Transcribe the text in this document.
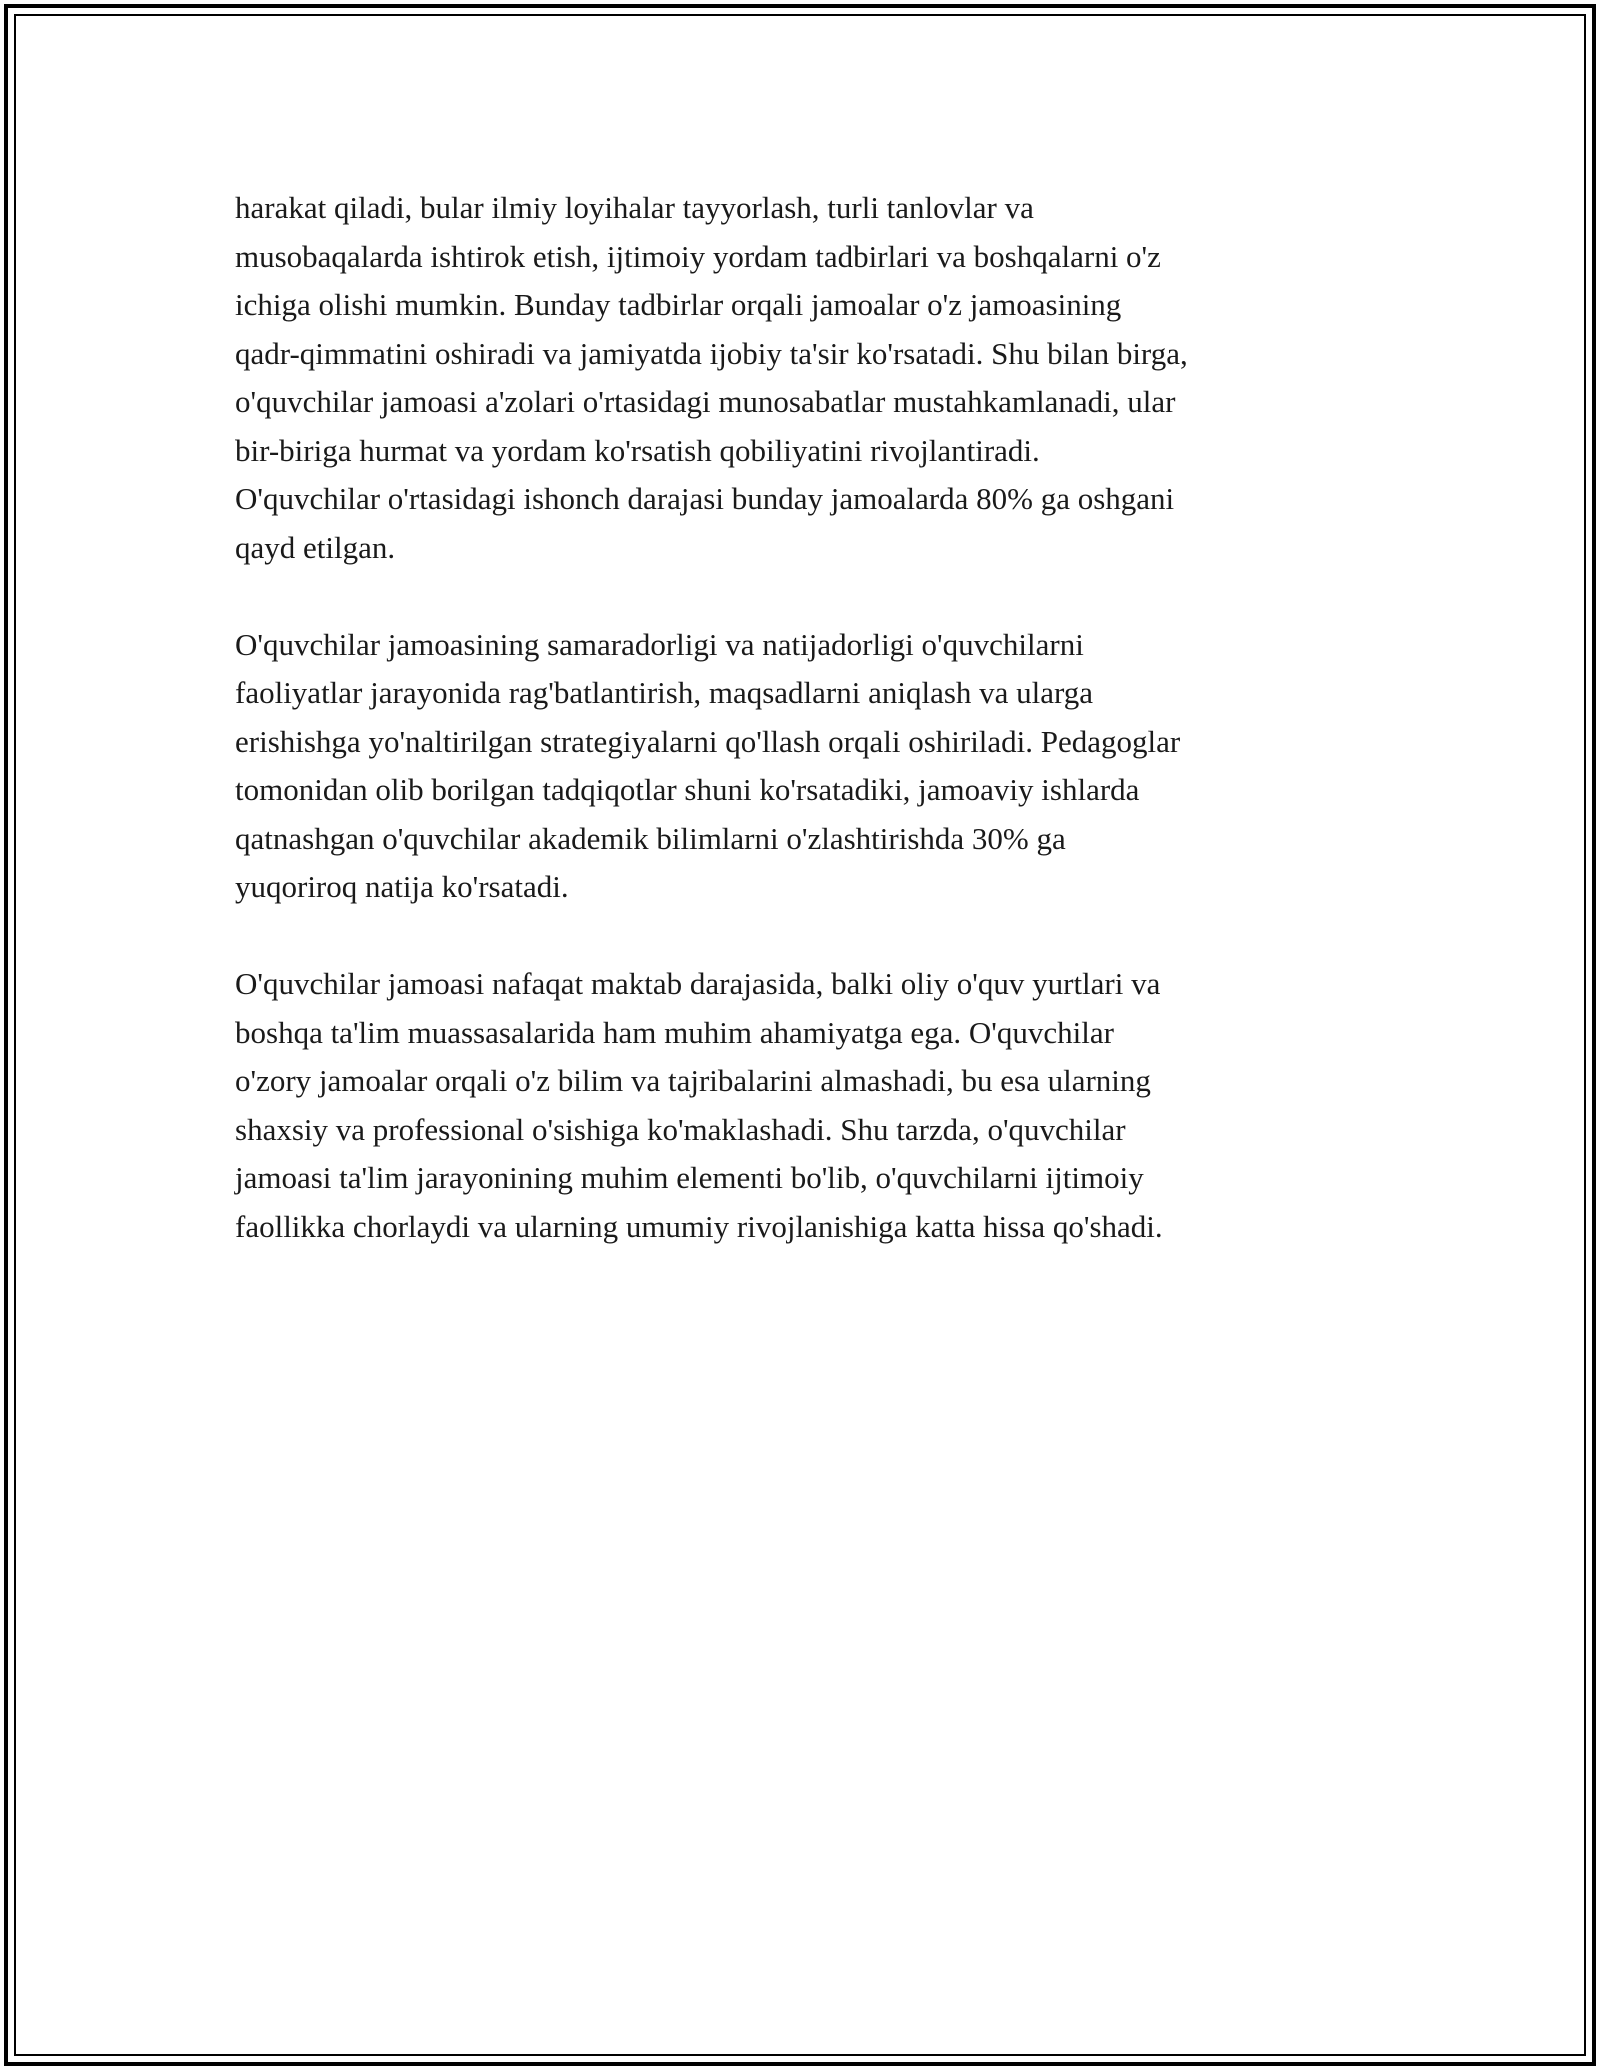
harakat qiladi, bular ilmiy loyihalar tayyorlash, turli tanlovlar va
musobaqalarda ishtirok etish, ijtimoiy yordam tadbirlari va boshqalarni o'z
ichiga olishi mumkin. Bunday tadbirlar orqali jamoalar o'z jamoasining
qadr-qimmatini oshiradi va jamiyatda ijobiy ta'sir ko'rsatadi. Shu bilan birga,
o'quvchilar jamoasi a'zolari o'rtasidagi munosabatlar mustahkamlanadi, ular
bir-biriga hurmat va yordam ko'rsatish qobiliyatini rivojlantiradi.
O'quvchilar o'rtasidagi ishonch darajasi bunday jamoalarda 80% ga oshgani
qayd etilgan.

O'quvchilar jamoasining samaradorligi va natijadorligi o'quvchilarni
faoliyatlar jarayonida rag'batlantirish, maqsadlarni aniqlash va ularga
erishishga yo'naltirilgan strategiyalarni qo'llash orqali oshiriladi. Pedagoglar
tomonidan olib borilgan tadqiqotlar shuni ko'rsatadiki, jamoaviy ishlarda
qatnashgan o'quvchilar akademik bilimlarni o'zlashtirishda 30% ga
yuqoriroq natija ko'rsatadi.

O'quvchilar jamoasi nafaqat maktab darajasida, balki oliy o'quv yurtlari va
boshqa ta'lim muassasalarida ham muhim ahamiyatga ega. O'quvchilar
o'zory jamoalar orqali o'z bilim va tajribalarini almashadi, bu esa ularning
shaxsiy va professional o'sishiga ko'maklashadi. Shu tarzda, o'quvchilar
jamoasi ta'lim jarayonining muhim elementi bo'lib, o'quvchilarni ijtimoiy
faollikka chorlaydi va ularning umumiy rivojlanishiga katta hissa qo'shadi.
